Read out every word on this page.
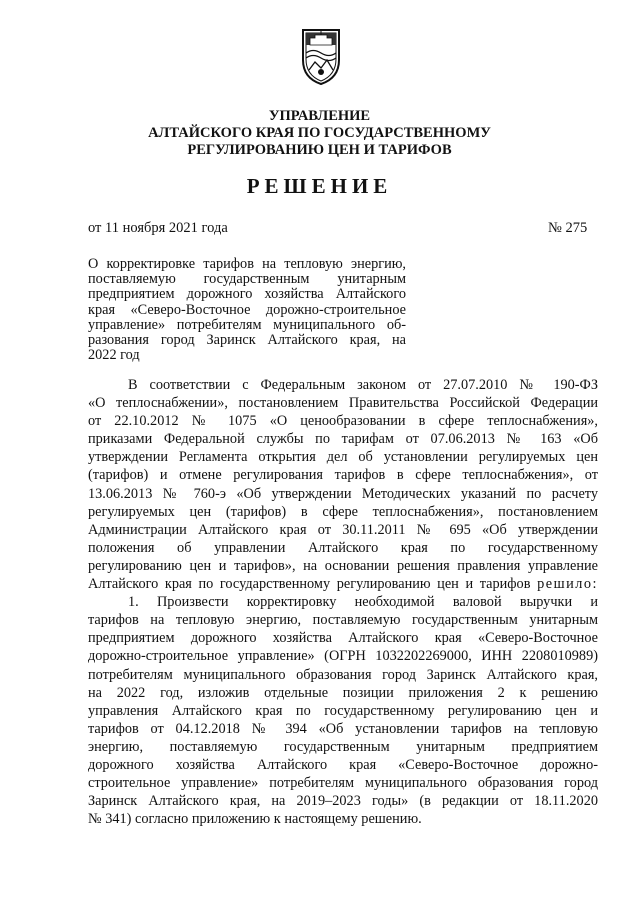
УПРАВЛЕНИЕ
АЛТАЙСКОГО КРАЯ ПО ГОСУДАРСТВЕННОМУ
РЕГУЛИРОВАНИЮ ЦЕН И ТАРИФОВ
РЕШЕНИЕ
от 11 ноября 2021 года	№ 275
О корректировке тарифов на тепловую энергию,
поставляемую государственным унитарным
предприятием дорожного хозяйства Алтайского
края «Северо-Восточное дорожно-строительное
управление» потребителям муниципального об-
разования город Заринск Алтайского края, на
2022 год
В соответствии с Федеральным законом от 27.07.2010 № 190-ФЗ
«О теплоснабжении», постановлением Правительства Российской Федерации
от 22.10.2012 № 1075 «О ценообразовании в сфере теплоснабжения»,
приказами Федеральной службы по тарифам от 07.06.2013 № 163 «Об
утверждении Регламента открытия дел об установлении регулируемых цен
(тарифов) и отмене регулирования тарифов в сфере теплоснабжения», от
13.06.2013 № 760-э «Об утверждении Методических указаний по расчету
регулируемых цен (тарифов) в сфере теплоснабжения», постановлением
Администрации Алтайского края от 30.11.2011 № 695 «Об утверждении
положения об управлении Алтайского края по государственному
регулированию цен и тарифов», на основании решения правления управление
Алтайского края по государственному регулированию цен и тарифов решило:
1. Произвести корректировку необходимой валовой выручки и
тарифов на тепловую энергию, поставляемую государственным унитарным
предприятием дорожного хозяйства Алтайского края «Северо-Восточное
дорожно-строительное управление» (ОГРН 1032202269000, ИНН 2208010989)
потребителям муниципального образования город Заринск Алтайского края,
на 2022 год, изложив отдельные позиции приложения 2 к решению
управления Алтайского края по государственному регулированию цен и
тарифов от 04.12.2018 № 394 «Об установлении тарифов на тепловую
энергию, поставляемую государственным унитарным предприятием
дорожного хозяйства Алтайского края «Северо-Восточное дорожно-
строительное управление» потребителям муниципального образования город
Заринск Алтайского края, на 2019–2023 годы» (в редакции от 18.11.2020
№ 341) согласно приложению к настоящему решению.
